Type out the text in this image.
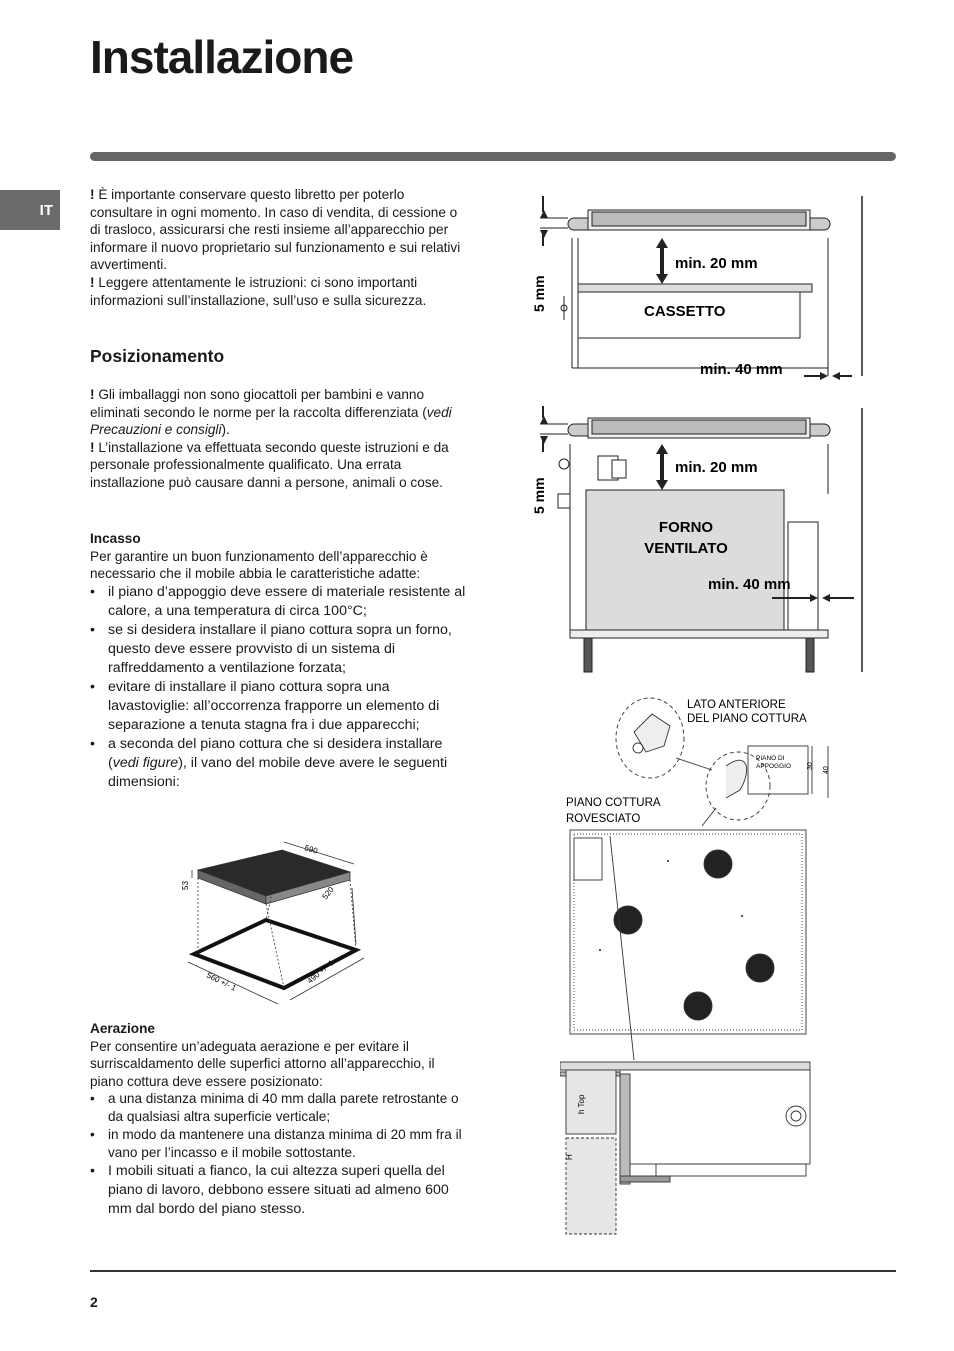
Installazione
IT

! È importante conservare questo libretto per poterlo consultare in ogni momento. In caso di vendita, di cessione o di trasloco, assicurarsi che resti insieme all’apparecchio per informare il nuovo proprietario sul funzionamento e sui relativi avvertimenti.

! Leggere attentamente le istruzioni: ci sono importanti informazioni sull’installazione, sull’uso e sulla sicurezza.

Posizionamento

! Gli imballaggi non sono giocattoli per bambini e vanno eliminati secondo le norme per la raccolta differenziata (vedi Precauzioni e consigli).

! L’installazione va effettuata secondo queste istruzioni e da personale professionalmente qualificato. Una errata installazione può causare danni a persone, animali o cose.

Incasso

Per garantire un buon funzionamento dell’apparecchio è necessario che il mobile abbia le caratteristiche adatte:

• il piano d’appoggio deve essere di materiale resistente al calore, a una temperatura di circa 100°C;
• se si desidera installare il piano cottura sopra un forno, questo deve essere provvisto di un sistema di raffreddamento a ventilazione forzata;
• evitare di installare il piano cottura sopra una lavastoviglie: all’occorrenza frapporre un elemento di separazione a tenuta stagna fra i due apparecchi;
• a seconda del piano cottura che si desidera installare (vedi figure), il vano del mobile deve avere le seguenti dimensioni:
590
53	520
560 +/- 1	490 +/- 1
Aerazione

Per consentire un’adeguata aerazione e per evitare il surriscaldamento delle superfici attorno all’apparecchio, il piano cottura deve essere posizionato:

• a una distanza minima di 40 mm dalla parete retrostante o da qualsiasi altra superficie verticale;
• in modo da mantenere una distanza minima di 20 mm fra il vano per l’incasso e il mobile sottostante.
• I mobili situati a fianco, la cui altezza superi quella del piano di lavoro, debbono essere situati ad almeno 600 mm dal bordo del piano stesso.
min. 20 mm
CASSETTO
min. 40 mm
5 mm
min. 20 mm
FORNO
VENTILATO
min. 40 mm
5 mm
LATO ANTERIORE
DEL PIANO COTTURA
PIANO DI
APPOGGIO 30
40
PIANO COTTURA
ROVESCIATO
h Top
H
2
